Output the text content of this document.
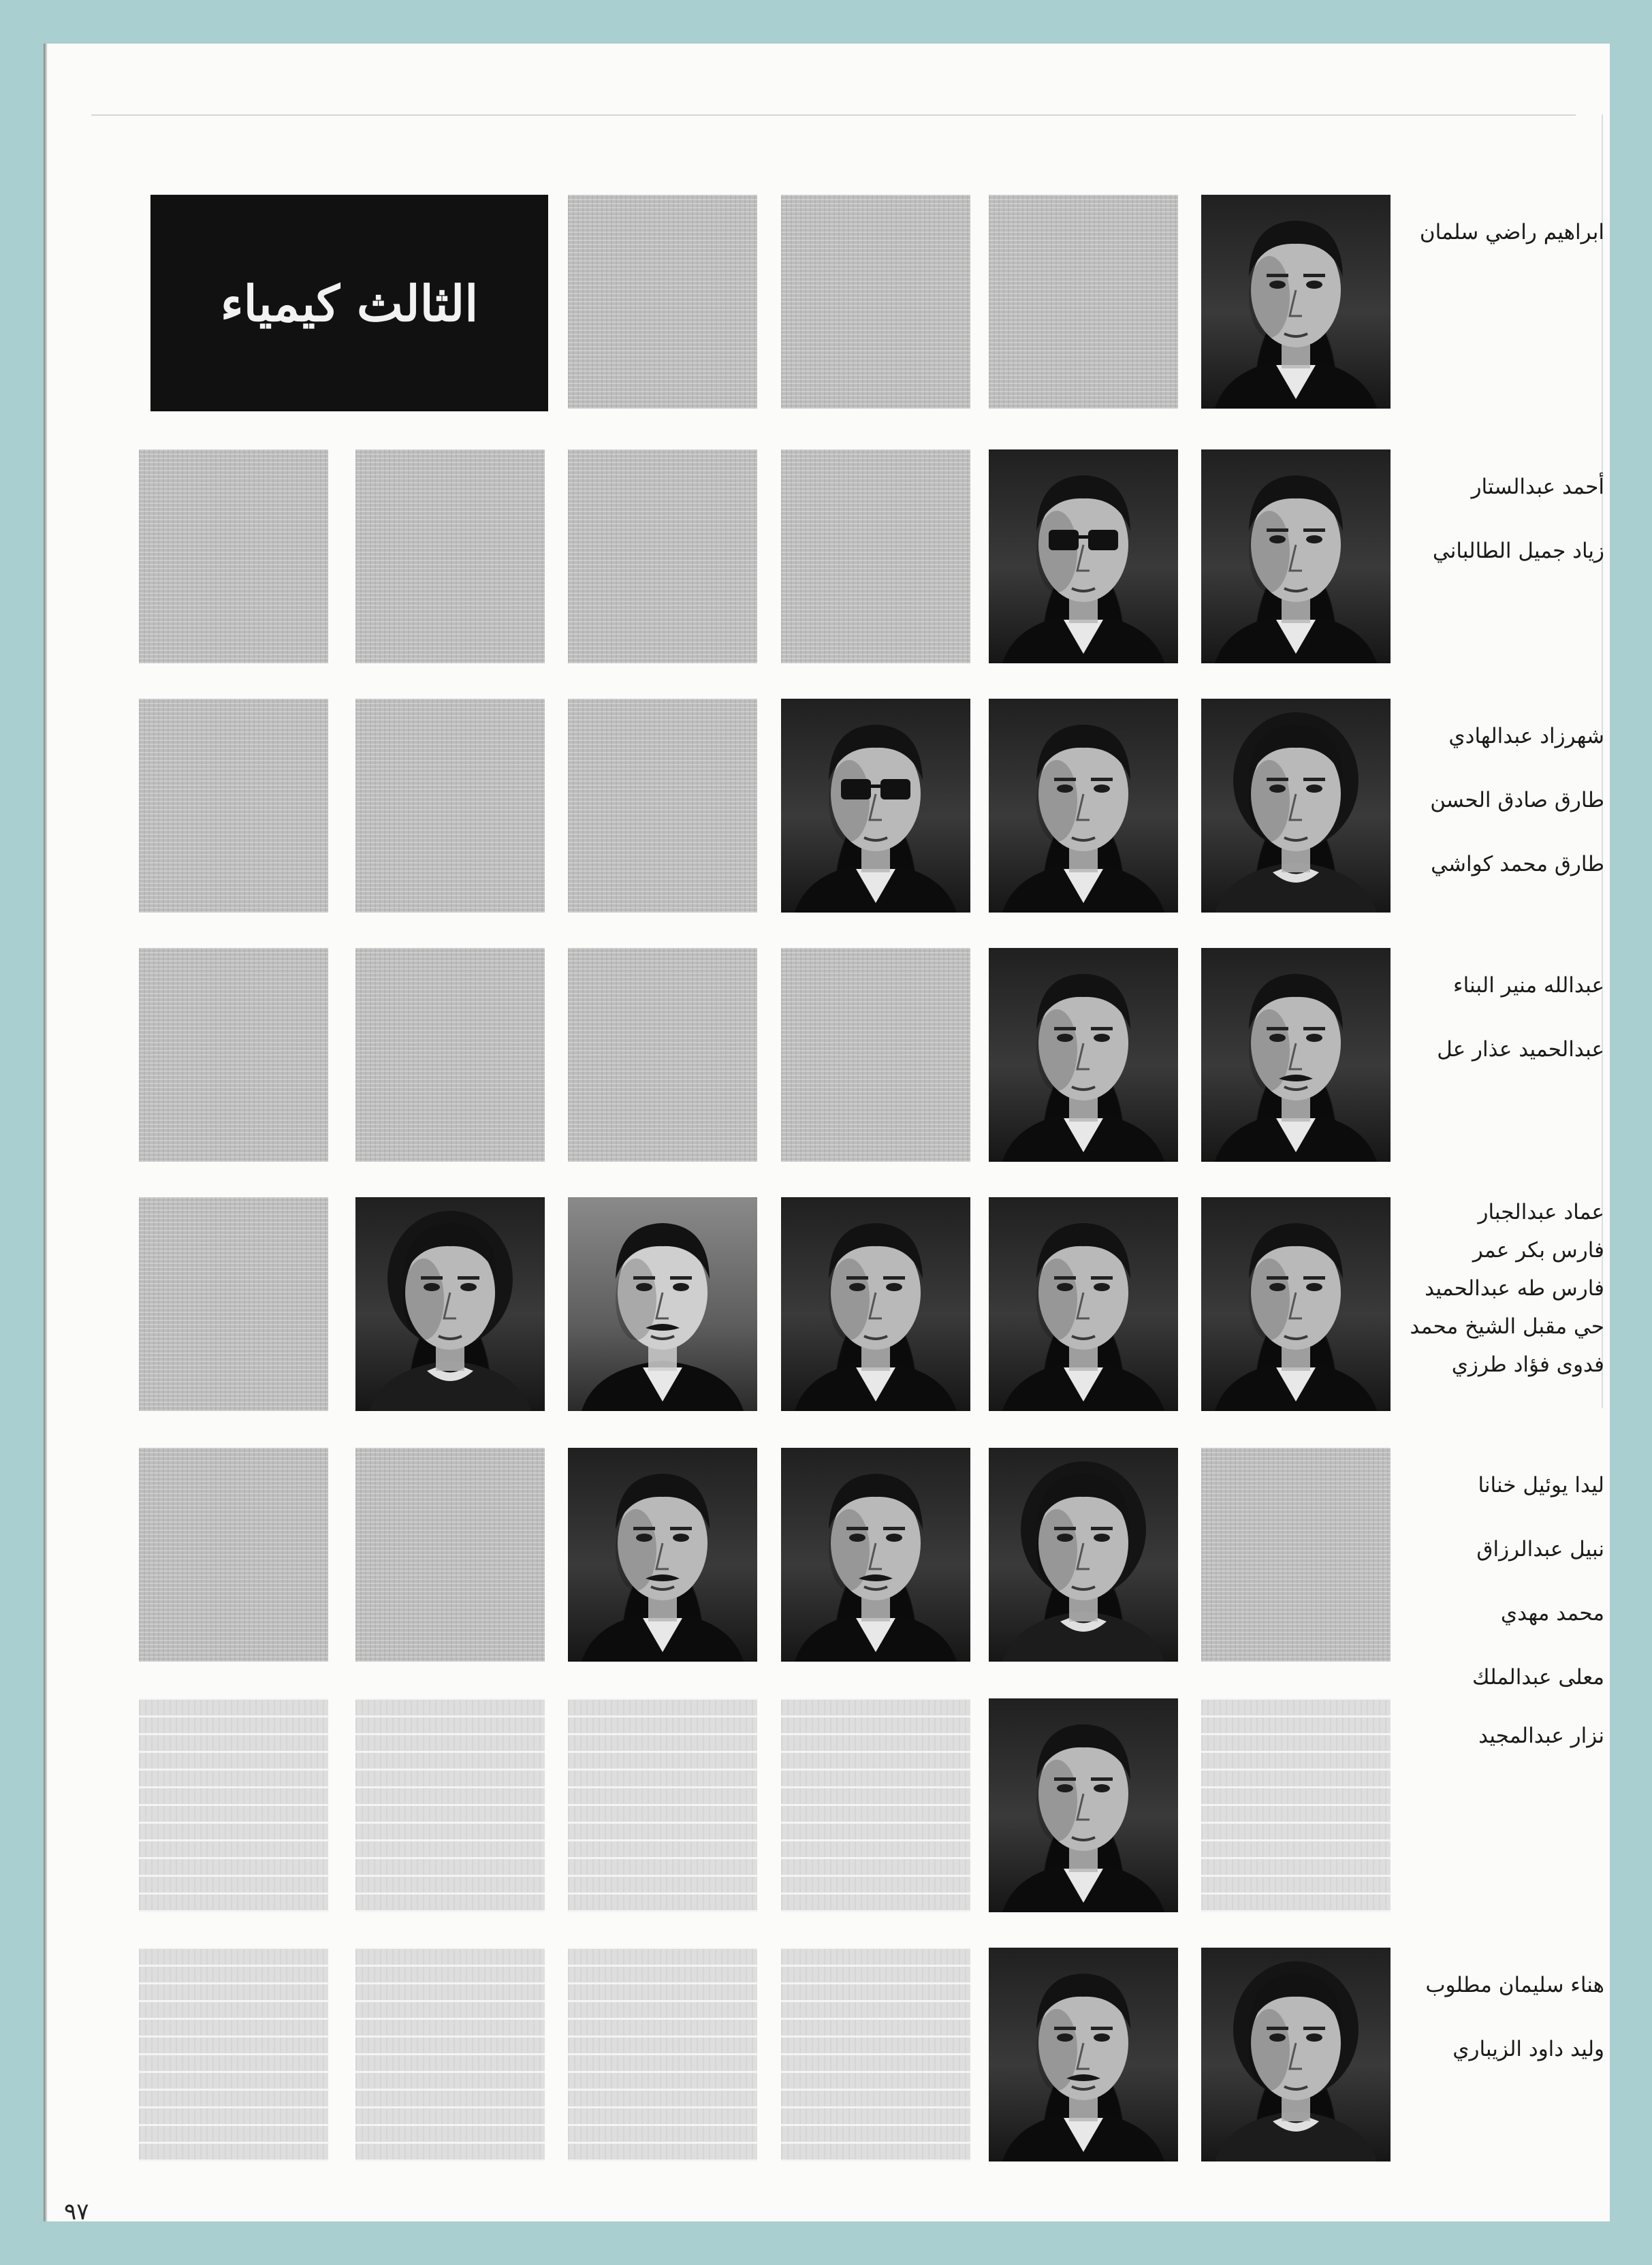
الثالث كيمياء
٩٧
ابراهيم راضي سلمان
أحمد عبدالستار
زياد جميل الطالباني
شهرزاد عبدالهادي
طارق صادق الحسن
طارق محمد كواشي
عبدالله منير البناء
عبدالحميد عذار عل
عماد عبدالجبار
فارس بكر عمر
فارس طه عبدالحميد
حي مقبل الشيخ محمد
فدوى فؤاد طرزي
ليدا يوئيل خنانا
نبيل عبدالرزاق
محمد مهدي
معلى عبدالملك
نزار عبدالمجيد
هناء سليمان مطلوب
وليد داود الزيباري
